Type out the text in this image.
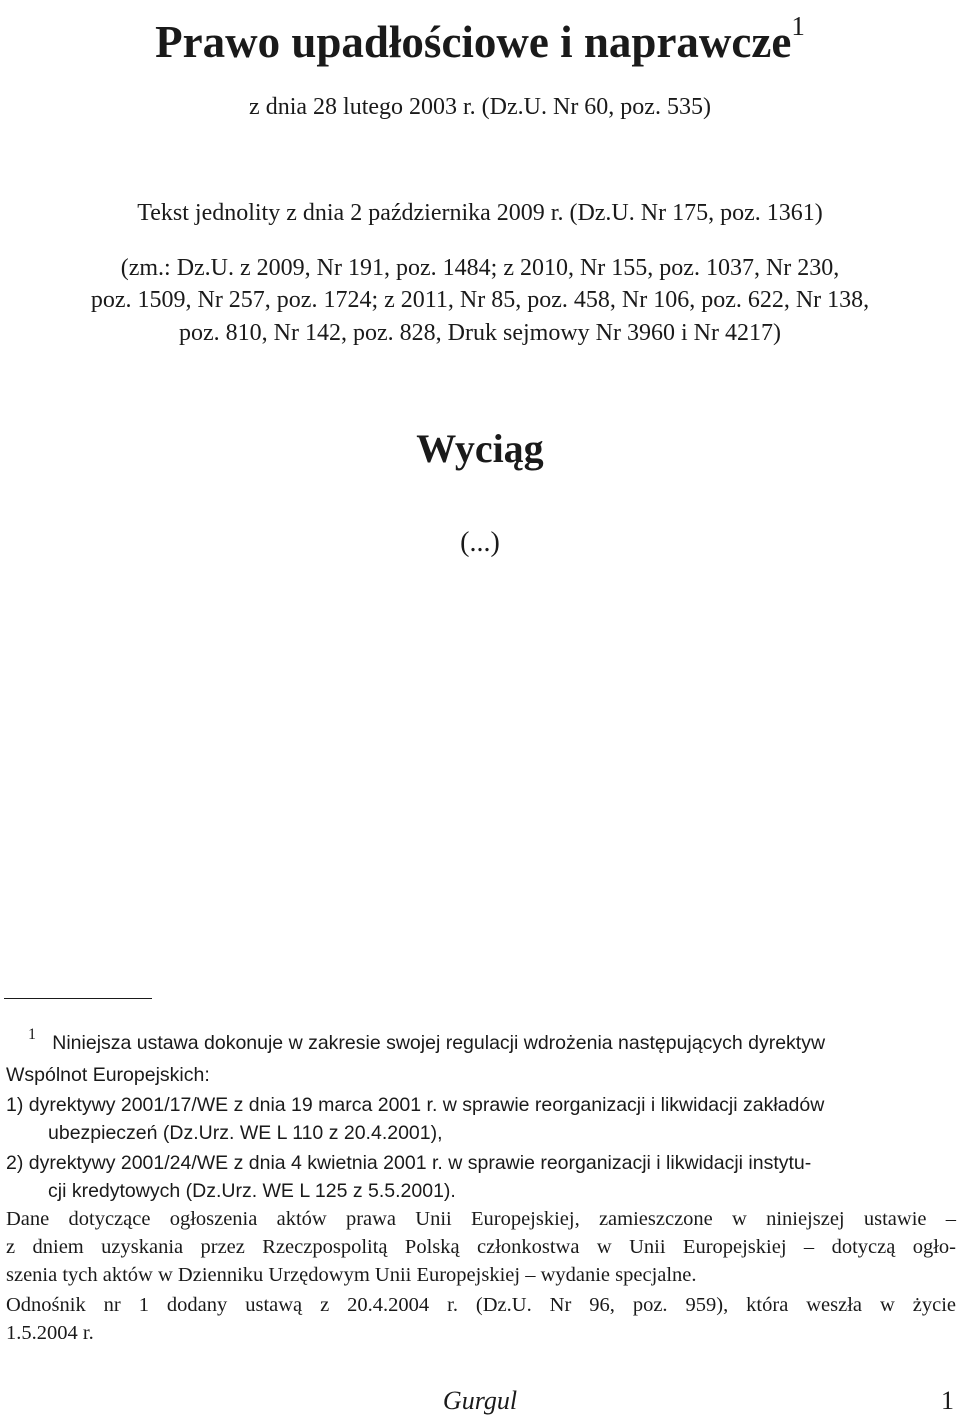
Prawo upadłościowe i naprawcze$^1$
z dnia 28 lutego 2003 r. (Dz.U. Nr 60, poz. 535)
Tekst jednolity z dnia 2 października 2009 r. (Dz.U. Nr 175, poz. 1361)
(zm.: Dz.U. z 2009, Nr 191, poz. 1484; z 2010, Nr 155, poz. 1037, Nr 230,
poz. 1509, Nr 257, poz. 1724; z 2011, Nr 85, poz. 458, Nr 106, poz. 622, Nr 138,
poz. 810, Nr 142, poz. 828, Druk sejmowy Nr 3960 i Nr 4217)
Wyciąg
(...)
$^1$ Niniejsza ustawa dokonuje w zakresie swojej regulacji wdrożenia następujących dyrektyw
Wspólnot Europejskich:
1) dyrektywy 2001/17/WE z dnia 19 marca 2001 r. w sprawie reorganizacji i likwidacji zakładów
ubezpieczeń (Dz.Urz. WE L 110 z 20.4.2001),
2) dyrektywy 2001/24/WE z dnia 4 kwietnia 2001 r. w sprawie reorganizacji i likwidacji instytu-
cji kredytowych (Dz.Urz. WE L 125 z 5.5.2001).
Dane dotyczące ogłoszenia aktów prawa Unii Europejskiej, zamieszczone w niniejszej ustawie –
z dniem uzyskania przez Rzeczpospolitą Polską członkostwa w Unii Europejskiej – dotyczą ogło-
szenia tych aktów w Dzienniku Urzędowym Unii Europejskiej – wydanie specjalne.
Odnośnik nr 1 dodany ustawą z 20.4.2004 r. (Dz.U. Nr 96, poz. 959), która weszła w życie
1.5.2004 r.
Gurgul	1
